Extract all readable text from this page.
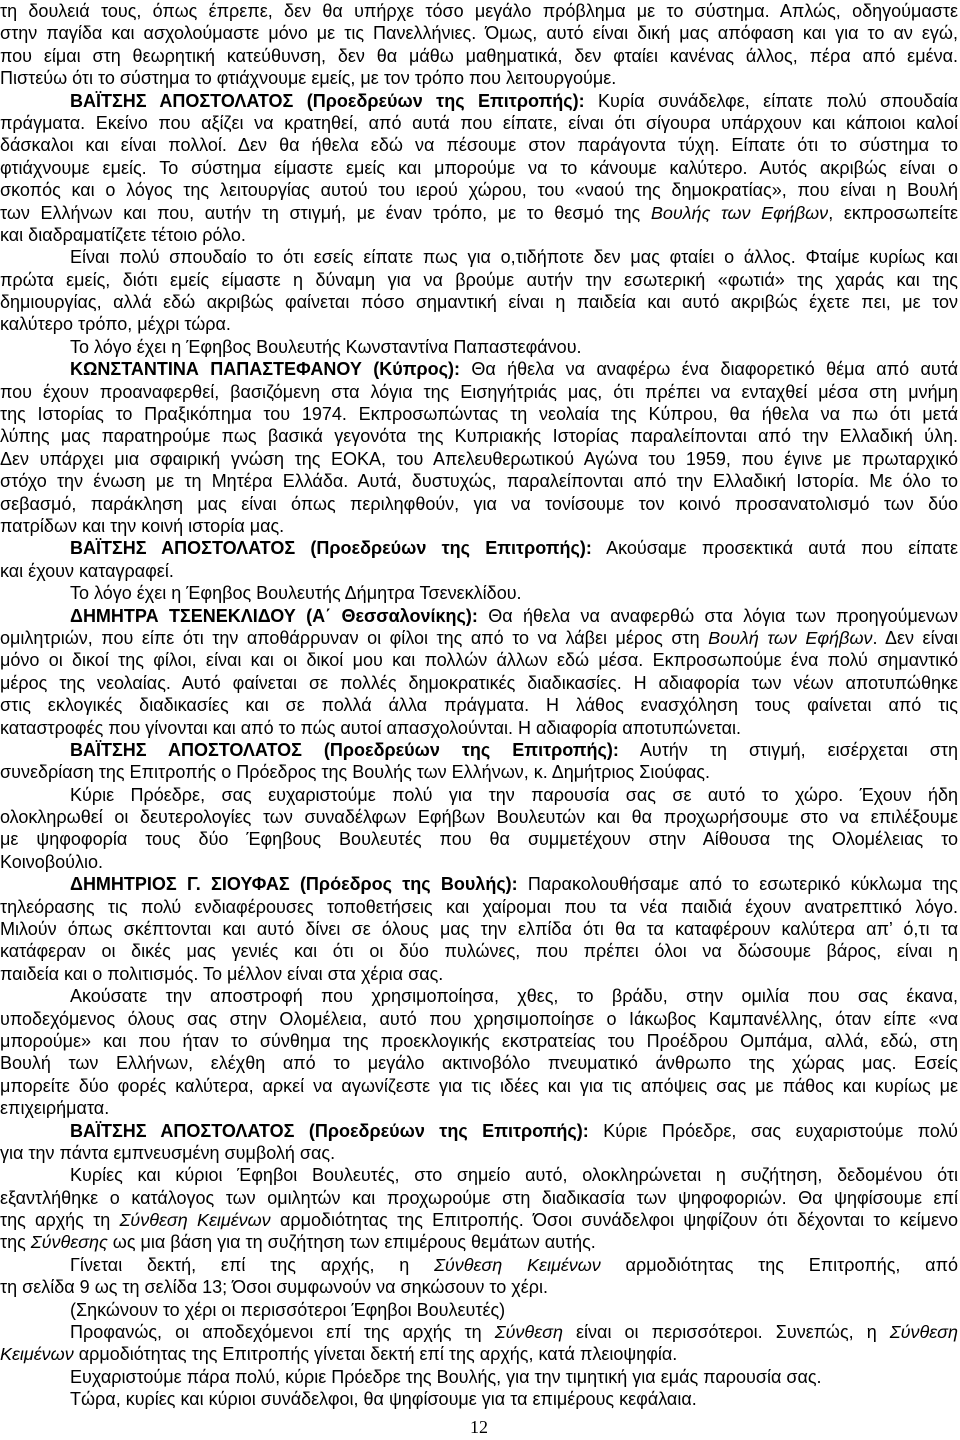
τη δουλειά τους, όπως έπρεπε, δεν θα υπήρχε τόσο μεγάλο πρόβλημα με το σύστημα. Απλώς, οδηγούμαστε
στην παγίδα και ασχολούμαστε μόνο με τις Πανελλήνιες. Όμως, αυτό είναι δική μας απόφαση και για το αν εγώ,
που είμαι στη θεωρητική κατεύθυνση, δεν θα μάθω μαθηματικά, δεν φταίει κανένας άλλος, πέρα από εμένα.
Πιστεύω ότι το σύστημα το φτιάχνουμε εμείς, με τον τρόπο που λειτουργούμε.
ΒΑΪΤΣΗΣ ΑΠΟΣΤΟΛΑΤΟΣ (Προεδρεύων της Επιτροπής): Κυρία συνάδελφε, είπατε πολύ σπουδαία
πράγματα. Εκείνο που αξίζει να κρατηθεί, από αυτά που είπατε, είναι ότι σίγουρα υπάρχουν και κάποιοι καλοί
δάσκαλοι και είναι πολλοί. Δεν θα ήθελα εδώ να πέσουμε στον παράγοντα τύχη. Είπατε ότι το σύστημα το
φτιάχνουμε εμείς. Το σύστημα είμαστε εμείς και μπορούμε να το κάνουμε καλύτερο. Αυτός ακριβώς είναι ο
σκοπός και ο λόγος της λειτουργίας αυτού του ιερού χώρου, του «ναού της δημοκρατίας», που είναι η Βουλή
των Ελλήνων και που, αυτήν τη στιγμή, με έναν τρόπο, με το θεσμό της Βουλής των Εφήβων, εκπροσωπείτε
και διαδραματίζετε τέτοιο ρόλο.
Είναι πολύ σπουδαίο το ότι εσείς είπατε πως για ο,τιδήποτε δεν μας φταίει ο άλλος. Φταίμε κυρίως και
πρώτα εμείς, διότι εμείς είμαστε η δύναμη για να βρούμε αυτήν την εσωτερική «φωτιά» της χαράς και της
δημιουργίας, αλλά εδώ ακριβώς φαίνεται πόσο σημαντική είναι η παιδεία και αυτό ακριβώς έχετε πει, με τον
καλύτερο τρόπο, μέχρι τώρα.
Το λόγο έχει η Έφηβος Βουλευτής Κωνσταντίνα Παπαστεφάνου.
ΚΩΝΣΤΑΝΤΙΝΑ ΠΑΠΑΣΤΕΦΑΝΟΥ (Κύπρος): Θα ήθελα να αναφέρω ένα διαφορετικό θέμα από αυτά
που έχουν προαναφερθεί, βασιζόμενη στα λόγια της Εισηγήτριάς μας, ότι πρέπει να ενταχθεί μέσα στη μνήμη
της Ιστορίας το Πραξικόπημα του 1974. Εκπροσωπώντας τη νεολαία της Κύπρου, θα ήθελα να πω ότι μετά
λύπης μας παρατηρούμε πως βασικά γεγονότα της Κυπριακής Ιστορίας παραλείπονται από την Ελλαδική ύλη.
Δεν υπάρχει μια σφαιρική γνώση της ΕΟΚΑ, του Απελευθερωτικού Αγώνα του 1959, που έγινε με πρωταρχικό
στόχο την ένωση με τη Μητέρα Ελλάδα. Αυτά, δυστυχώς, παραλείπονται από την Ελλαδική Ιστορία. Με όλο το
σεβασμό, παράκληση μας είναι όπως περιληφθούν, για να τονίσουμε τον κοινό προσανατολισμό των δύο
πατρίδων και την κοινή ιστορία μας.
ΒΑΪΤΣΗΣ ΑΠΟΣΤΟΛΑΤΟΣ (Προεδρεύων της Επιτροπής): Ακούσαμε προσεκτικά αυτά που είπατε
και έχουν καταγραφεί.
Το λόγο έχει η Έφηβος Βουλευτής Δήμητρα Τσενεκλίδου.
ΔΗΜΗΤΡΑ ΤΣΕΝΕΚΛΙΔΟΥ (Α΄ Θεσσαλονίκης): Θα ήθελα να αναφερθώ στα λόγια των προηγούμενων
ομιλητριών, που είπε ότι την αποθάρρυναν οι φίλοι της από το να λάβει μέρος στη Βουλή των Εφήβων. Δεν είναι
μόνο οι δικοί της φίλοι, είναι και οι δικοί μου και πολλών άλλων εδώ μέσα. Εκπροσωπούμε ένα πολύ σημαντικό
μέρος της νεολαίας. Αυτό φαίνεται σε πολλές δημοκρατικές διαδικασίες. Η αδιαφορία των νέων αποτυπώθηκε
στις εκλογικές διαδικασίες και σε πολλά άλλα πράγματα. Η λάθος ενασχόληση τους φαίνεται από τις
καταστροφές που γίνονται και από το πώς αυτοί απασχολούνται. Η αδιαφορία αποτυπώνεται.
ΒΑΪΤΣΗΣ ΑΠΟΣΤΟΛΑΤΟΣ (Προεδρεύων της Επιτροπής): Αυτήν τη στιγμή, εισέρχεται στη
συνεδρίαση της Επιτροπής ο Πρόεδρος της Βουλής των Ελλήνων, κ. Δημήτριος Σιούφας.
Κύριε Πρόεδρε, σας ευχαριστούμε πολύ για την παρουσία σας σε αυτό το χώρο. Έχουν ήδη
ολοκληρωθεί οι δευτερολογίες των συναδέλφων Εφήβων Βουλευτών και θα προχωρήσουμε στο να επιλέξουμε
με ψηφοφορία τους δύο Έφηβους Βουλευτές που θα συμμετέχουν στην Αίθουσα της Ολομέλειας το
Κοινοβούλιο.
ΔΗΜΗΤΡΙΟΣ Γ. ΣΙΟΥΦΑΣ (Πρόεδρος της Βουλής): Παρακολουθήσαμε από το εσωτερικό κύκλωμα της
τηλεόρασης τις πολύ ενδιαφέρουσες τοποθετήσεις και χαίρομαι που τα νέα παιδιά έχουν ανατρεπτικό λόγο.
Μιλούν όπως σκέπτονται και αυτό δίνει σε όλους μας την ελπίδα ότι θα τα καταφέρουν καλύτερα απ’ ό,τι τα
κατάφεραν οι δικές μας γενιές και ότι οι δύο πυλώνες, που πρέπει όλοι να δώσουμε βάρος, είναι η
παιδεία και ο πολιτισμός. Το μέλλον είναι στα χέρια σας.
Ακούσατε την αποστροφή που χρησιμοποίησα, χθες, το βράδυ, στην ομιλία που σας έκανα,
υποδεχόμενος όλους σας στην Ολομέλεια, αυτό που χρησιμοποίησε ο Ιάκωβος Καμπανέλλης, όταν είπε «να
μπορούμε» και που ήταν το σύνθημα της προεκλογικής εκστρατείας του Προέδρου Ομπάμα, αλλά, εδώ, στη
Βουλή των Ελλήνων, ελέχθη από το μεγάλο ακτινοβόλο πνευματικό άνθρωπο της χώρας μας. Εσείς
μπορείτε δύο φορές καλύτερα, αρκεί να αγωνίζεστε για τις ιδέες και για τις απόψεις σας με πάθος και κυρίως με
επιχειρήματα.
ΒΑΪΤΣΗΣ ΑΠΟΣΤΟΛΑΤΟΣ (Προεδρεύων της Επιτροπής): Κύριε Πρόεδρε, σας ευχαριστούμε πολύ
για την πάντα εμπνευσμένη συμβολή σας.
Κυρίες και κύριοι Έφηβοι Βουλευτές, στο σημείο αυτό, ολοκληρώνεται η συζήτηση, δεδομένου ότι
εξαντλήθηκε ο κατάλογος των ομιλητών και προχωρούμε στη διαδικασία των ψηφοφοριών. Θα ψηφίσουμε επί
της αρχής τη Σύνθεση Κειμένων αρμοδιότητας της Επιτροπής. Όσοι συνάδελφοι ψηφίζουν ότι δέχονται το κείμενο
της Σύνθεσης ως μια βάση για τη συζήτηση των επιμέρους θεμάτων αυτής.
Γίνεται δεκτή, επί της αρχής, η Σύνθεση Κειμένων αρμοδιότητας της Επιτροπής, από
τη σελίδα 9 ως τη σελίδα 13; Όσοι συμφωνούν να σηκώσουν το χέρι.
(Σηκώνουν το χέρι οι περισσότεροι Έφηβοι Βουλευτές)
Προφανώς, οι αποδεχόμενοι επί της αρχής τη Σύνθεση είναι οι περισσότεροι. Συνεπώς, η Σύνθεση
Κειμένων αρμοδιότητας της Επιτροπής γίνεται δεκτή επί της αρχής, κατά πλειοψηφία.
Ευχαριστούμε πάρα πολύ, κύριε Πρόεδρε της Βουλής, για την τιμητική για εμάς παρουσία σας.
Τώρα, κυρίες και κύριοι συνάδελφοι, θα ψηφίσουμε για τα επιμέρους κεφάλαια.
12
